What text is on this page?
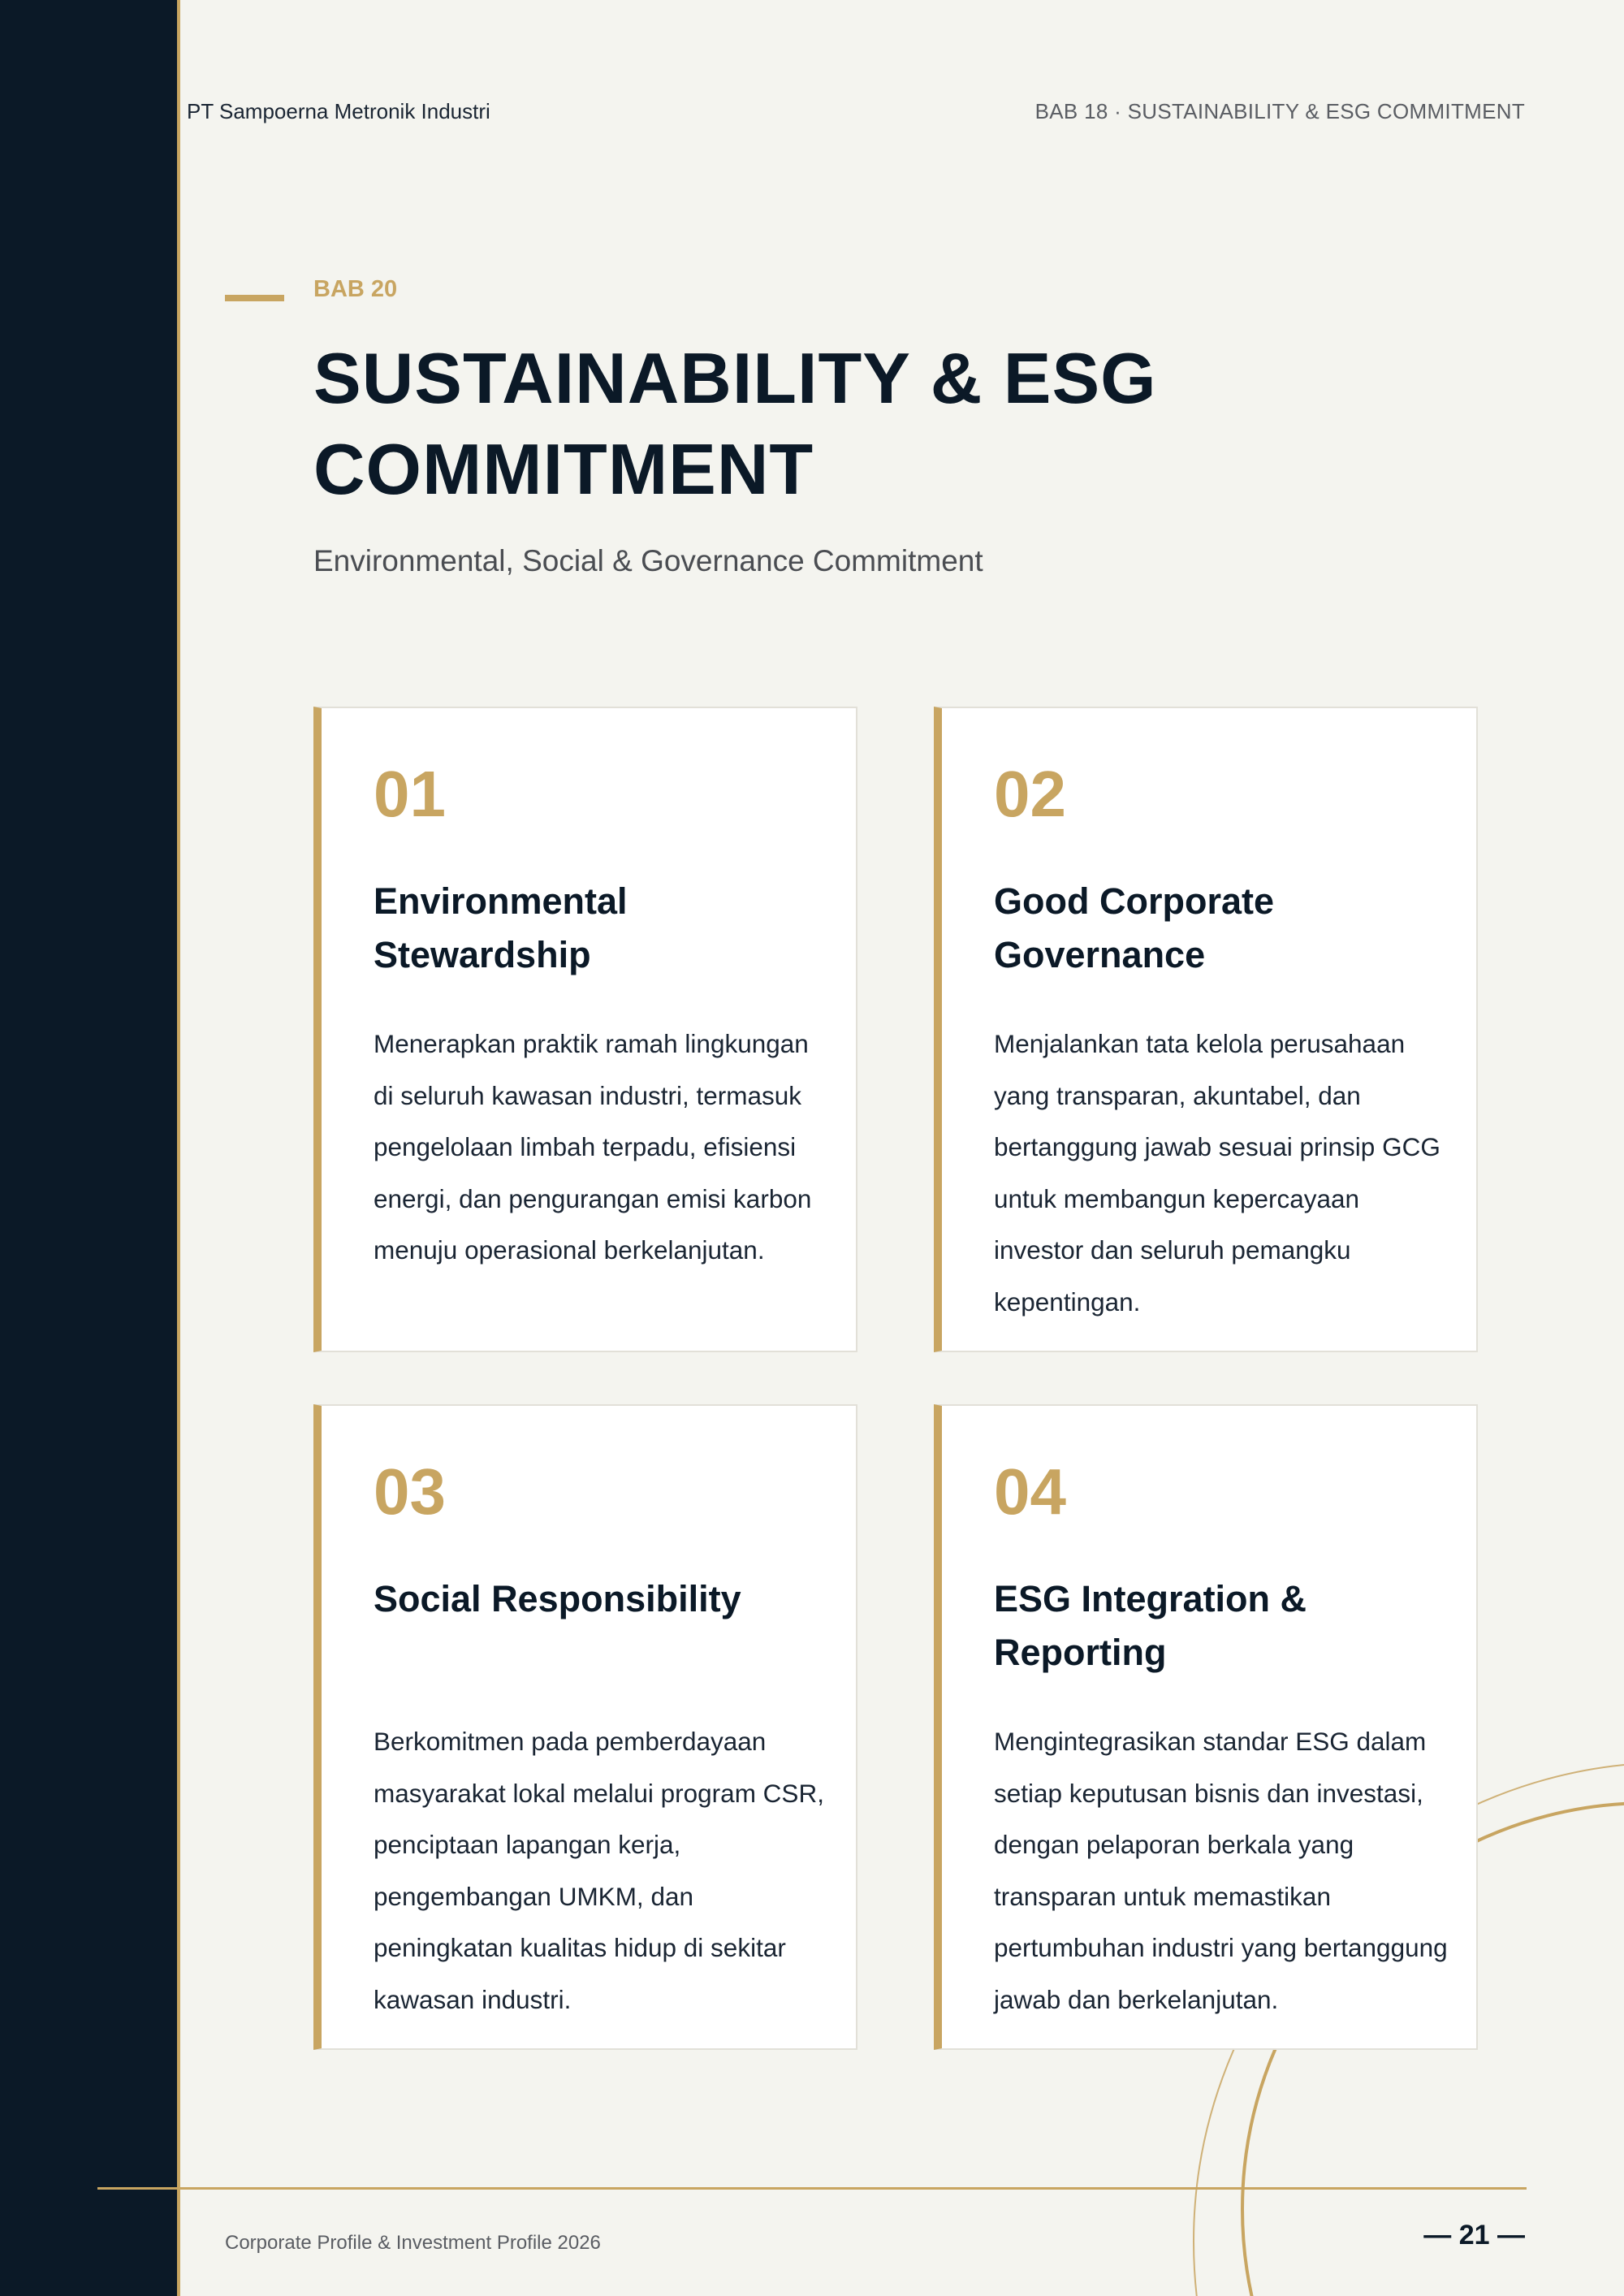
PT Sampoerna Metronik Industri	BAB 18 · SUSTAINABILITY & ESG COMMITMENT
BAB 20
SUSTAINABILITY & ESG COMMITMENT
Environmental, Social & Governance Commitment
01
Environmental Stewardship
Menerapkan praktik ramah lingkungan di seluruh kawasan industri, termasuk pengelolaan limbah terpadu, efisiensi energi, dan pengurangan emisi karbon menuju operasional berkelanjutan.
02
Good Corporate Governance
Menjalankan tata kelola perusahaan yang transparan, akuntabel, dan bertanggung jawab sesuai prinsip GCG untuk membangun kepercayaan investor dan seluruh pemangku kepentingan.
03
Social Responsibility
Berkomitmen pada pemberdayaan masyarakat lokal melalui program CSR, penciptaan lapangan kerja, pengembangan UMKM, dan peningkatan kualitas hidup di sekitar kawasan industri.
04
ESG Integration & Reporting
Mengintegrasikan standar ESG dalam setiap keputusan bisnis dan investasi, dengan pelaporan berkala yang transparan untuk memastikan pertumbuhan industri yang bertanggung jawab dan berkelanjutan.
Corporate Profile & Investment Profile 2026	— 21 —
